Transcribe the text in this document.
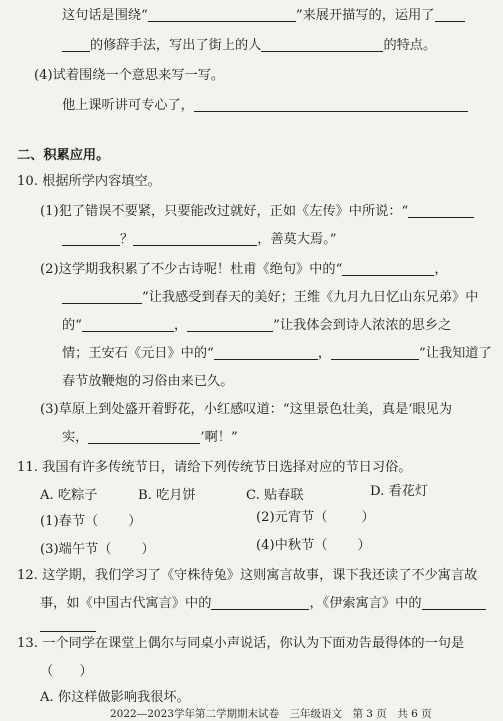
这句话是围绕“	”来展开描写的，运用了
的修辞手法，写出了街上的人	的特点。
(4)试着围绕一个意思来写一写。
他上课听讲可专心了，
二、积累应用。
10. 根据所学内容填空。
(1)犯了错误不要紧，只要能改过就好，正如《左传》中所说：“
？	，善莫大焉。”
(2)这学期我积累了不少古诗呢！杜甫《绝句》中的“	，
”让我感受到春天的美好；王维《九月九日忆山东兄弟》中
的“	，	”让我体会到诗人浓浓的思乡之
情；王安石《元日》中的“	，	”让我知道了
春节放鞭炮的习俗由来已久。
(3)草原上到处盛开着野花，小红感叹道：“这里景色壮美，真是‘眼见为
实，	’啊！”
11. 我国有许多传统节日，请给下列传统节日选择对应的节日习俗。
A. 吃粽子	B. 吃月饼	C. 贴春联	D. 看花灯
(1)春节（ ）	(2)元宵节（	）
(3)端午节（ ）	(4)中秋节（ ）
12. 这学期，我们学习了《守株待兔》这则寓言故事，课下我还读了不少寓言故
事，如《中国古代寓言》中的	，《伊索寓言》中的
13. 一个同学在课堂上偶尔与同桌小声说话，你认为下面劝告最得体的一句是
（　　）
A. 你这样做影响我很坏。
2022—2023学年第二学期期末试卷　三年级语文　第 3 页　共 6 页
